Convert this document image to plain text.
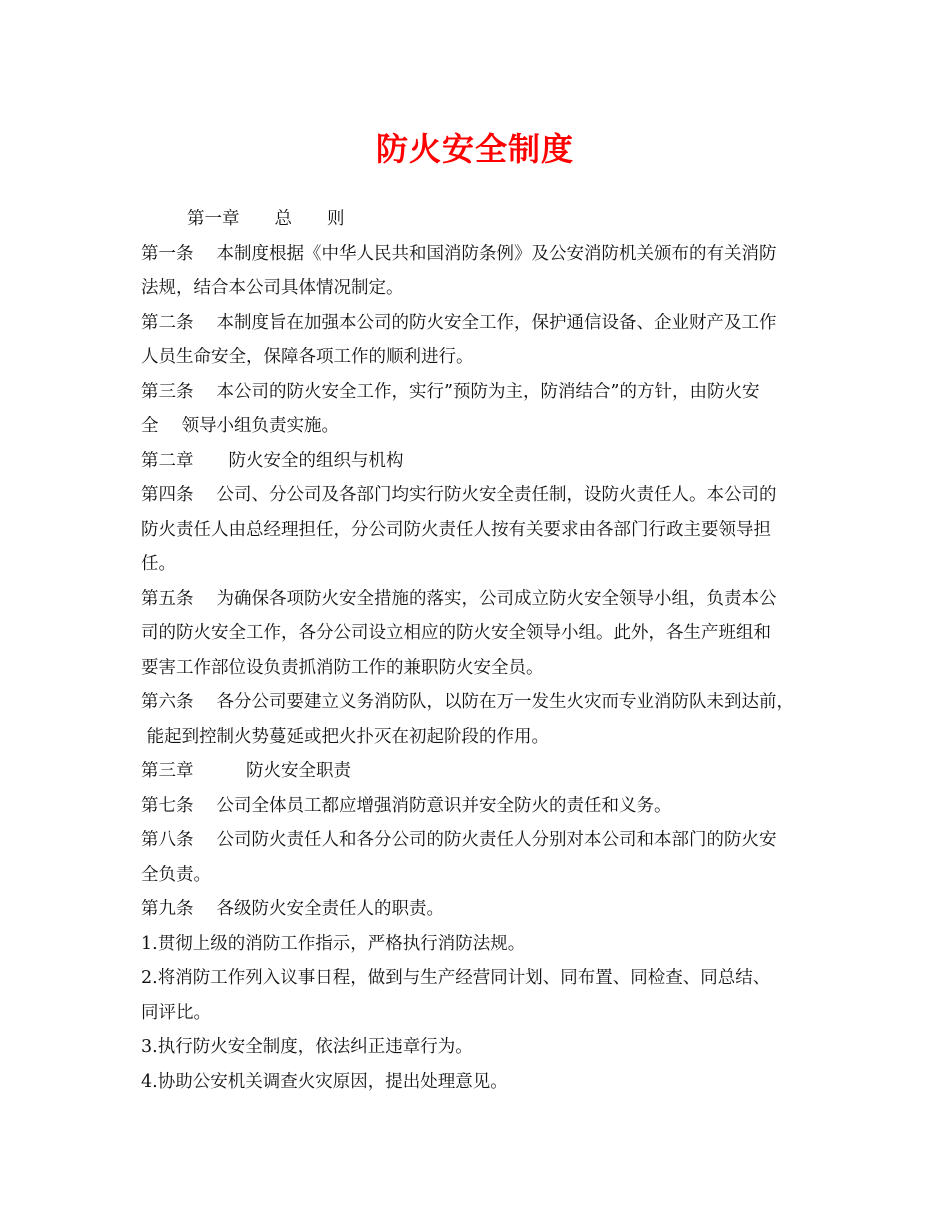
防火安全制度

第一章　　总　　则

第一条　 本制度根据《中华人民共和国消防条例》及公安消防机关颁布的有关消防

法规，结合本公司具体情况制定。

第二条　 本制度旨在加强本公司的防火安全工作，保护通信设备、企业财产及工作

人员生命安全，保障各项工作的顺利进行。

第三条　 本公司的防火安全工作，实行”预防为主，防消结合”的方针，由防火安

全　 领导小组负责实施。

第二章　　防火安全的组织与机构

第四条　 公司、分公司及各部门均实行防火安全责任制，设防火责任人。本公司的

防火责任人由总经理担任，分公司防火责任人按有关要求由各部门行政主要领导担

任。

第五条　 为确保各项防火安全措施的落实，公司成立防火安全领导小组，负责本公

司的防火安全工作，各分公司设立相应的防火安全领导小组。此外，各生产班组和

要害工作部位设负责抓消防工作的兼职防火安全员。

第六条　 各分公司要建立义务消防队，以防在万一发生火灾而专业消防队未到达前，

能起到控制火势蔓延或把火扑灭在初起阶段的作用。

第三章　　　防火安全职责

第七条　 公司全体员工都应增强消防意识并安全防火的责任和义务。

第八条　 公司防火责任人和各分公司的防火责任人分别对本公司和本部门的防火安

全负责。

第九条　 各级防火安全责任人的职责。

1.贯彻上级的消防工作指示，严格执行消防法规。

2.将消防工作列入议事日程，做到与生产经营同计划、同布置、同检查、同总结、

同评比。

3.执行防火安全制度，依法纠正违章行为。

4.协助公安机关调查火灾原因，提出处理意见。
